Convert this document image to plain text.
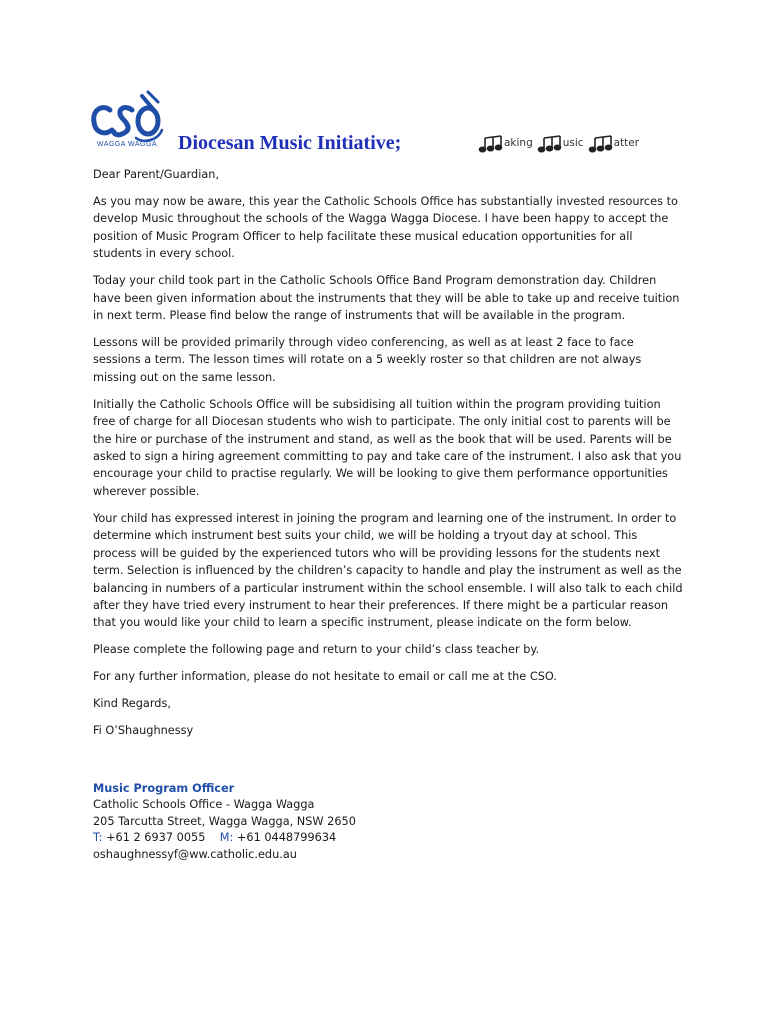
WAGGA WAGGA Diocesan Music Initiative;	aking	usic	atter

Dear Parent/Guardian,

As you may now be aware, this year the Catholic Schools Office has substantially invested resources to develop Music throughout the schools of the Wagga Wagga Diocese. I have been happy to accept the position of Music Program Officer to help facilitate these musical education opportunities for all students in every school.

Today your child took part in the Catholic Schools Office Band Program demonstration day. Children have been given information about the instruments that they will be able to take up and receive tuition in next term. Please find below the range of instruments that will be available in the program.

Lessons will be provided primarily through video conferencing, as well as at least 2 face to face sessions a term. The lesson times will rotate on a 5 weekly roster so that children are not always missing out on the same lesson.

Initially the Catholic Schools Office will be subsidising all tuition within the program providing tuition free of charge for all Diocesan students who wish to participate. The only initial cost to parents will be the hire or purchase of the instrument and stand, as well as the book that will be used. Parents will be asked to sign a hiring agreement committing to pay and take care of the instrument. I also ask that you encourage your child to practise regularly. We will be looking to give them performance opportunities wherever possible.

Your child has expressed interest in joining the program and learning one of the instrument. In order to determine which instrument best suits your child, we will be holding a tryout day at school. This process will be guided by the experienced tutors who will be providing lessons for the students next term. Selection is influenced by the children’s capacity to handle and play the instrument as well as the balancing in numbers of a particular instrument within the school ensemble. I will also talk to each child after they have tried every instrument to hear their preferences. If there might be a particular reason that you would like your child to learn a specific instrument, please indicate on the form below.

Please complete the following page and return to your child’s class teacher by.

For any further information, please do not hesitate to email or call me at the CSO.

Kind Regards,

Fi O’Shaughnessy

Music Program Officer
Catholic Schools Office - Wagga Wagga
205 Tarcutta Street, Wagga Wagga, NSW 2650
T: +61 2 6937 0055 M: +61 0448799634
oshaughnessyf@ww.catholic.edu.au
